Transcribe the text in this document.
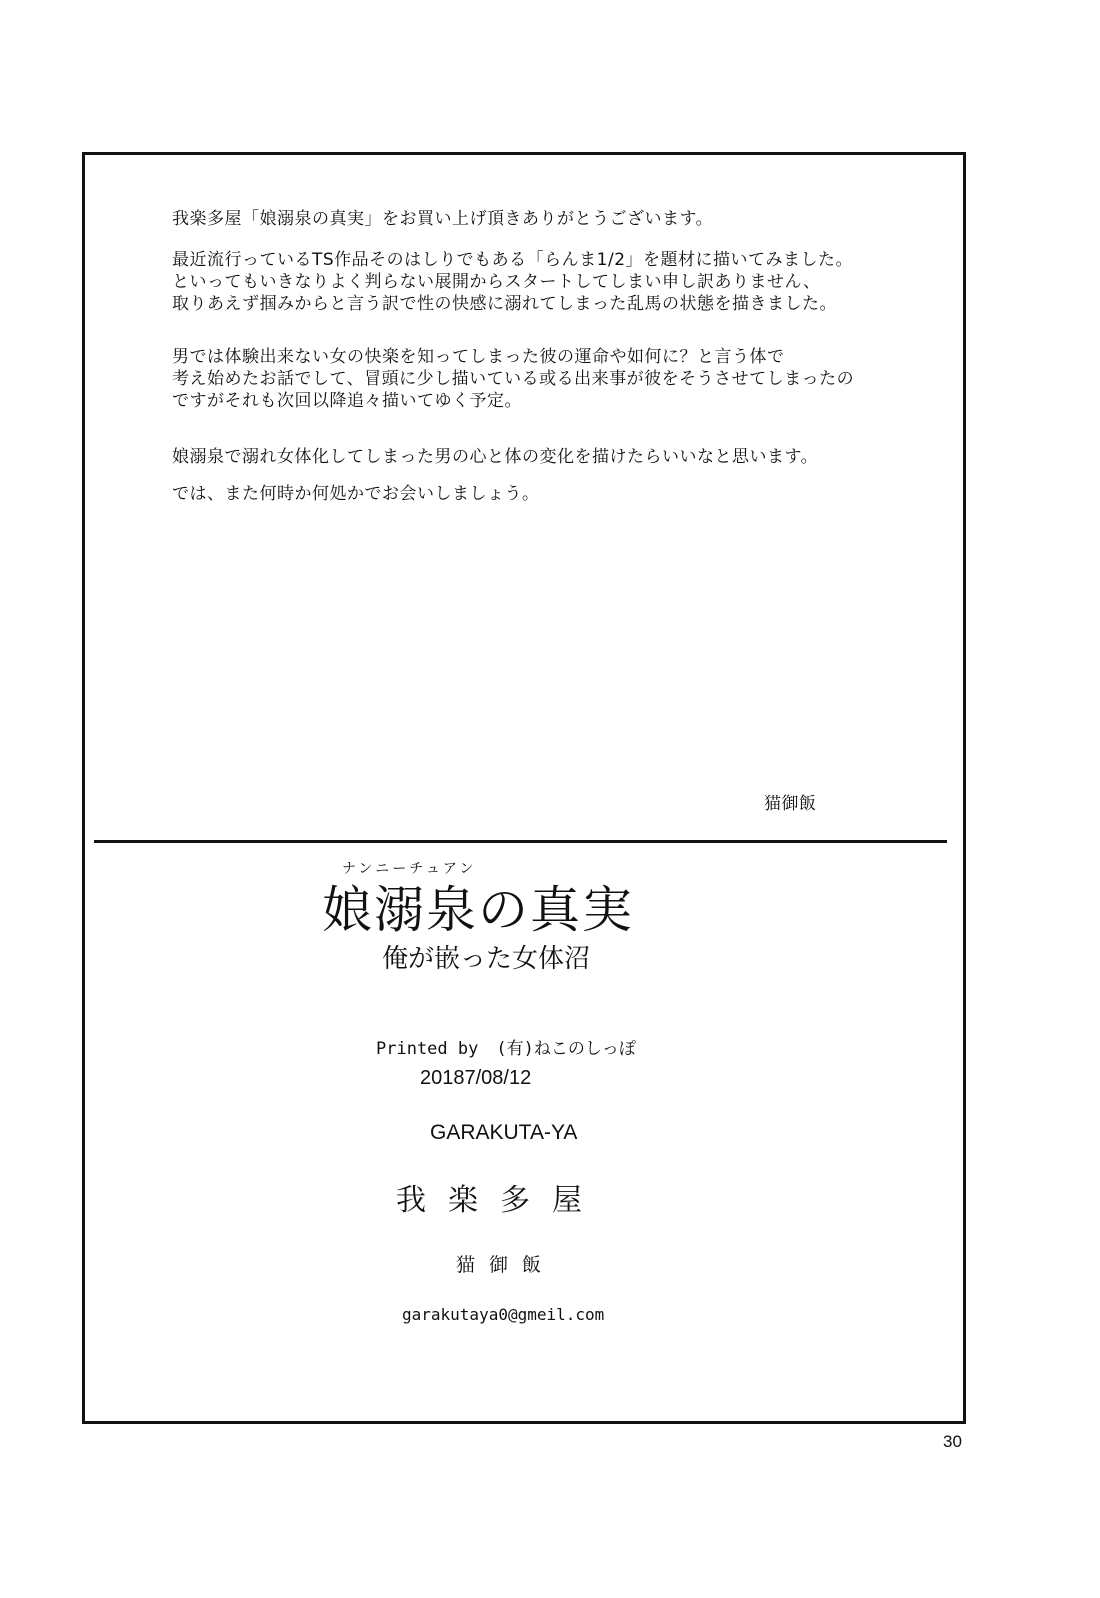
我楽多屋「娘溺泉の真実」をお買い上げ頂きありがとうございます。

最近流行っているTS作品そのはしりでもある「らんま1/2」を題材に描いてみました。
といってもいきなりよく判らない展開からスタートしてしまい申し訳ありません、
取りあえず掴みからと言う訳で性の快感に溺れてしまった乱馬の状態を描きました。

男では体験出来ない女の快楽を知ってしまった彼の運命や如何に？と言う体で
考え始めたお話でして、冒頭に少し描いている或る出来事が彼をそうさせてしまったの
ですがそれも次回以降追々描いてゆく予定。

娘溺泉で溺れ女体化してしまった男の心と体の変化を描けたらいいなと思います。

では、また何時か何処かでお会いしましょう。

猫御飯
ナンニーチュアン
娘溺泉の真実
俺が嵌った女体沼
20187/08/12
GARAKUTA-YA
我楽多屋
猫御飯
garakutaya0@gmeil.com
Printed by (有)ねこのしっぽ
30
